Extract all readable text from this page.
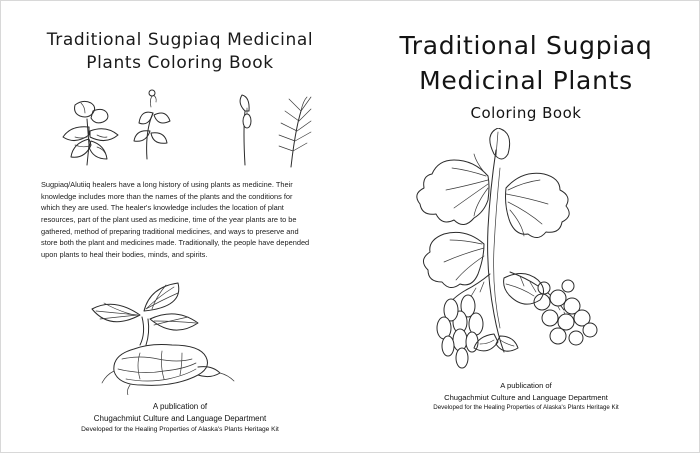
Traditional Sugpiaq Medicinal
Plants Coloring Book

Sugpiaq/Alutiiq healers have a long history of using plants as medicine. Their knowledge includes more than the names of the plants and the conditions for which they are used. The healer's knowledge includes the location of plant resources, part of the plant used as medicine, time of the year plants are to be gathered, method of preparing traditional medicines, and ways to preserve and store both the plant and medicines made. Traditionally, the people have depended upon plants to heal their bodies, minds, and spirits.

A publication of
Chugachmiut Culture and Language Department
Developed for the Healing Properties of Alaska's Plants Heritage Kit
Traditional Sugpiaq
Medicinal Plants
Coloring Book
A publication of
Chugachmiut Culture and Language Department
Developed for the Healing Properties of Alaska's Plants Heritage Kit
